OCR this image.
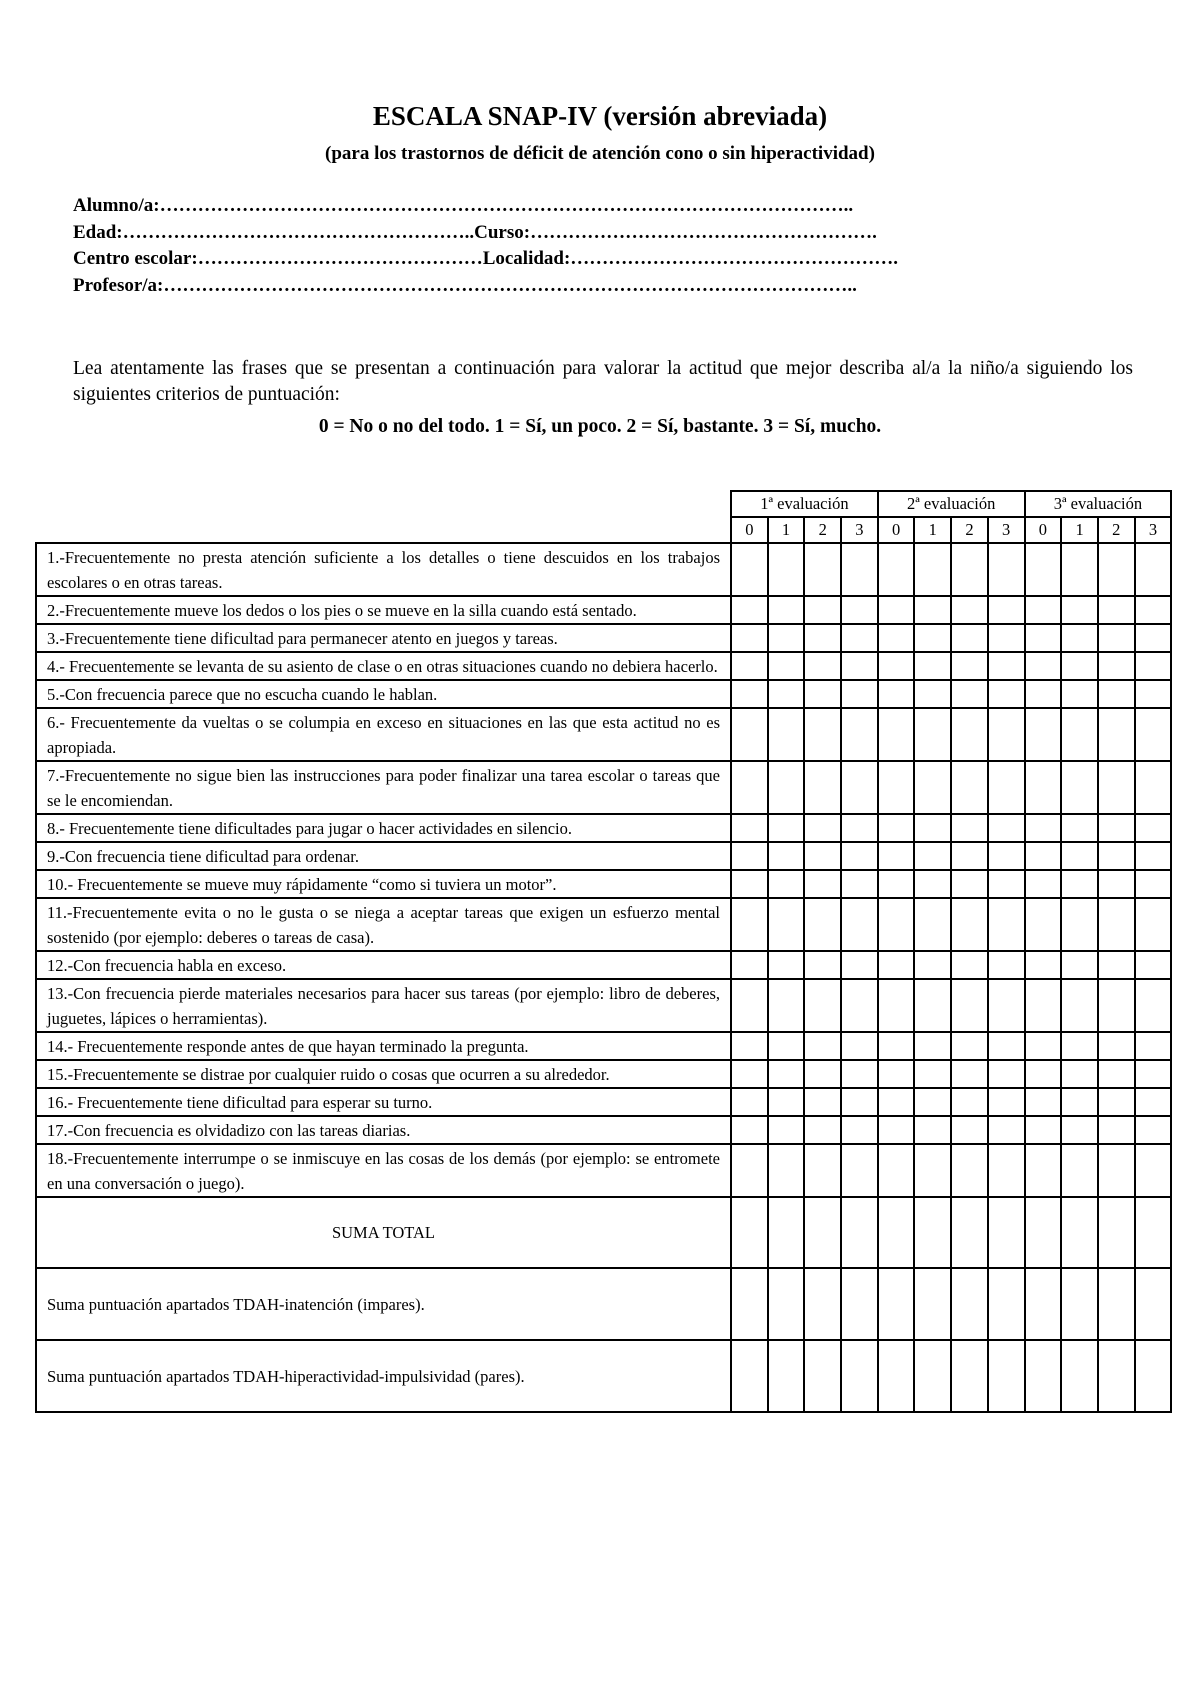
ESCALA SNAP-IV (versión abreviada)
(para los trastornos de déficit de atención cono o sin hiperactividad)
Alumno/a:………………………………………………………………………………………………..
Edad:………………………………………………..Curso:……………………………………………….
Centro escolar:………………………………………Localidad:…………………………………………….
Profesor/a:………………………………………………………………………………………………..
Lea atentamente las frases que se presentan a continuación para valorar la actitud que mejor describa al/a la niño/a siguiendo los siguientes criterios de puntuación:
0 = No o no del todo. 1 = Sí, un poco. 2 = Sí, bastante. 3 = Sí, mucho.
	1ª evaluación				2ª evaluación				3ª evaluación			
	0	1	2	3	0	1	2	3	0	1	2	3
1.-Frecuentemente no presta atención suficiente a los detalles o tiene descuidos en los trabajos escolares o en otras tareas.												
2.-Frecuentemente mueve los dedos o los pies o se mueve en la silla cuando está sentado.												
3.-Frecuentemente tiene dificultad para permanecer atento en juegos y tareas.												
4.- Frecuentemente se levanta de su asiento de clase o en otras situaciones cuando no debiera hacerlo.												
5.-Con frecuencia parece que no escucha cuando le hablan.												
6.- Frecuentemente da vueltas o se columpia en exceso en situaciones en las que esta actitud no es apropiada.												
7.-Frecuentemente no sigue bien las instrucciones para poder finalizar una tarea escolar o tareas que se le encomiendan.												
8.- Frecuentemente tiene dificultades para jugar o hacer actividades en silencio.												
9.-Con frecuencia tiene dificultad para ordenar.												
10.- Frecuentemente se mueve muy rápidamente “como si tuviera un motor”.												
11.-Frecuentemente evita o no le gusta o se niega a aceptar tareas que exigen un esfuerzo mental sostenido (por ejemplo: deberes o tareas de casa).												
12.-Con frecuencia habla en exceso.												
13.-Con frecuencia pierde materiales necesarios para hacer sus tareas (por ejemplo: libro de deberes, juguetes, lápices o herramientas).												
14.- Frecuentemente responde antes de que hayan terminado la pregunta.												
15.-Frecuentemente se distrae por cualquier ruido o cosas que ocurren a su alrededor.												
16.- Frecuentemente tiene dificultad para esperar su turno.												
17.-Con frecuencia es olvidadizo con las tareas diarias.												
18.-Frecuentemente interrumpe o se inmiscuye en las cosas de los demás (por ejemplo: se entromete en una conversación o juego).												
SUMA TOTAL												
Suma puntuación apartados TDAH-inatención (impares).												
Suma puntuación apartados TDAH-hiperactividad-impulsividad (pares).												
